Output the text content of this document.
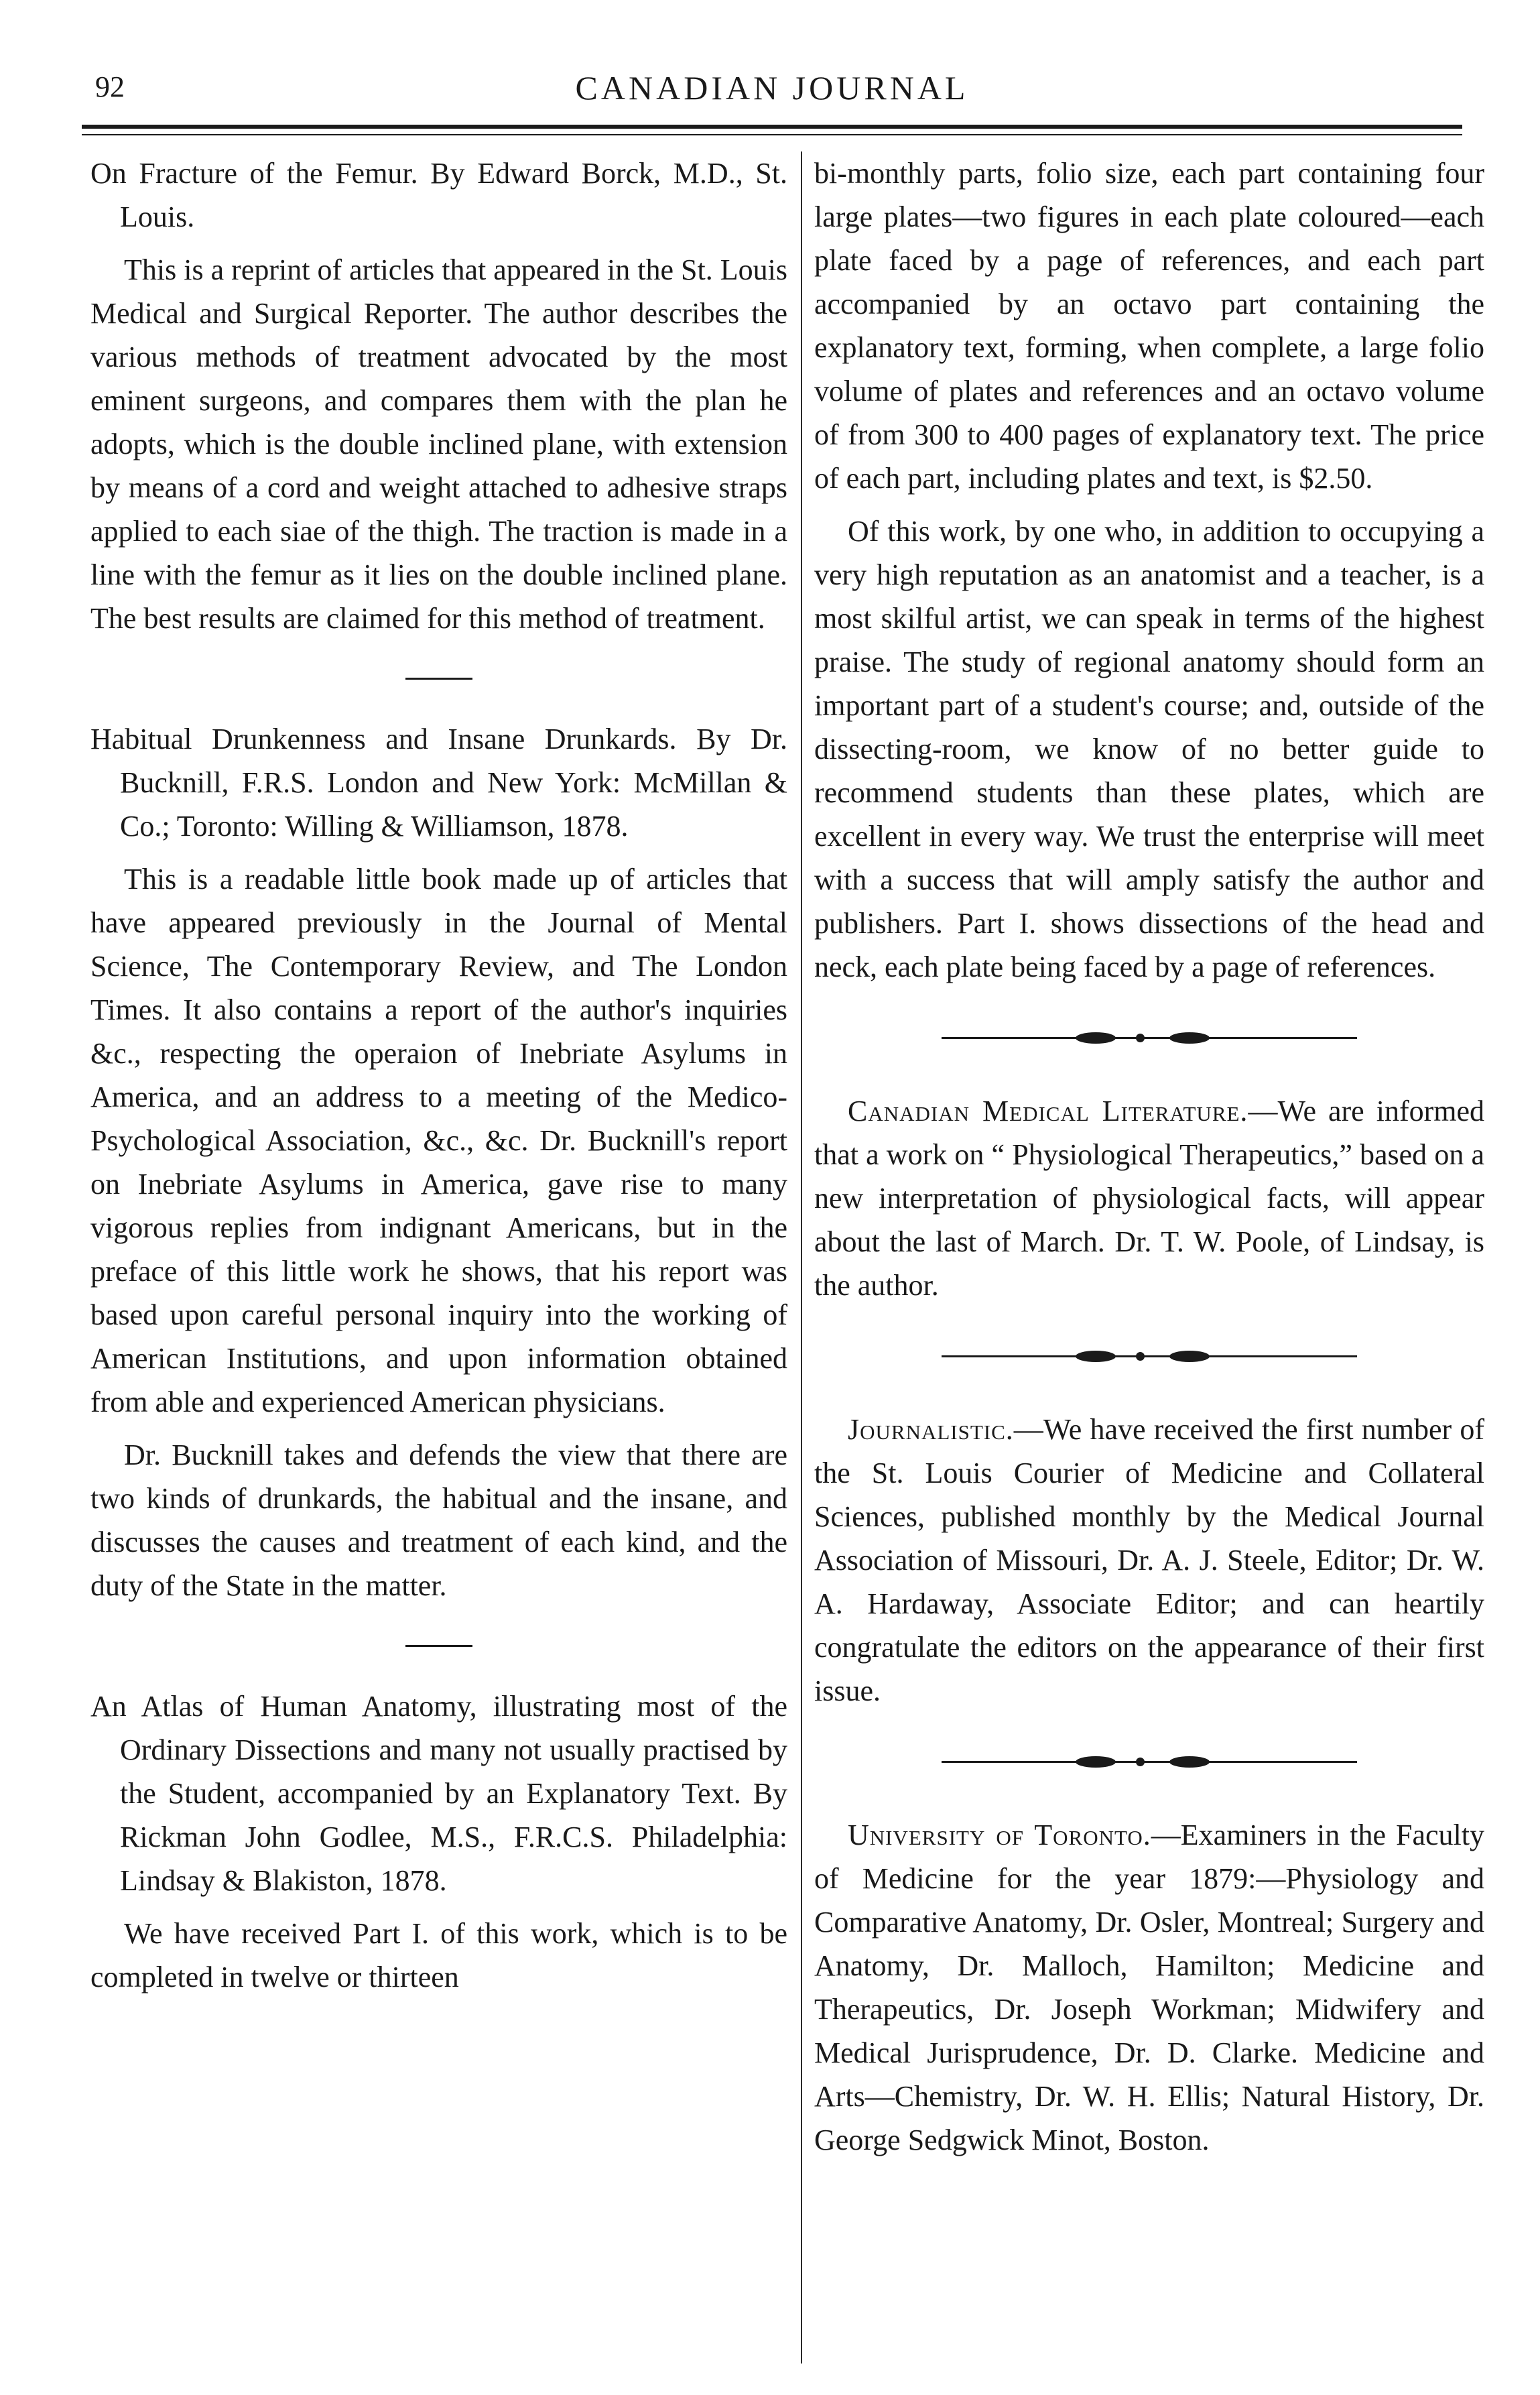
92	CANADIAN JOURNAL

On Fracture of the Femur. By Edward Borck, M.D., St. Louis.

This is a reprint of articles that appeared in the St. Louis Medical and Surgical Reporter. The author describes the various methods of treatment advocated by the most eminent surgeons, and compares them with the plan he adopts, which is the double inclined plane, with extension by means of a cord and weight attached to adhesive straps applied to each siae of the thigh. The traction is made in a line with the femur as it lies on the double inclined plane. The best results are claimed for this method of treatment.

Habitual Drunkenness and Insane Drunkards. By Dr. Bucknill, F.R.S. London and New York: McMillan & Co.; Toronto: Willing & Williamson, 1878.

This is a readable little book made up of articles that have appeared previously in the Journal of Mental Science, The Contemporary Review, and The London Times. It also contains a report of the author's inquiries &c., respecting the operaion of Inebriate Asylums in America, and an address to a meeting of the Medico-Psychological Association, &c., &c. Dr. Bucknill's report on Inebriate Asylums in America, gave rise to many vigorous replies from indignant Americans, but in the preface of this little work he shows, that his report was based upon careful personal inquiry into the working of American Institutions, and upon information obtained from able and experienced American physicians.

Dr. Bucknill takes and defends the view that there are two kinds of drunkards, the habitual and the insane, and discusses the causes and treatment of each kind, and the duty of the State in the matter.

An Atlas of Human Anatomy, illustrating most of the Ordinary Dissections and many not usually practised by the Student, accompanied by an Explanatory Text. By Rickman John Godlee, M.S., F.R.C.S. Philadelphia: Lindsay & Blakiston, 1878.

We have received Part I. of this work, which is to be completed in twelve or thirteen

bi-monthly parts, folio size, each part containing four large plates—two figures in each plate coloured—each plate faced by a page of references, and each part accompanied by an octavo part containing the explanatory text, forming, when complete, a large folio volume of plates and references and an octavo volume of from 300 to 400 pages of explanatory text. The price of each part, including plates and text, is $2.50.

Of this work, by one who, in addition to occupying a very high reputation as an anatomist and a teacher, is a most skilful artist, we can speak in terms of the highest praise. The study of regional anatomy should form an important part of a student's course; and, outside of the dissecting-room, we know of no better guide to recommend students than these plates, which are excellent in every way. We trust the enterprise will meet with a success that will amply satisfy the author and publishers. Part I. shows dissections of the head and neck, each plate being faced by a page of references.

Canadian Medical Literature.—We are informed that a work on “ Physiological Therapeutics,” based on a new interpretation of physiological facts, will appear about the last of March. Dr. T. W. Poole, of Lindsay, is the author.

Journalistic.—We have received the first number of the St. Louis Courier of Medicine and Collateral Sciences, published monthly by the Medical Journal Association of Missouri, Dr. A. J. Steele, Editor; Dr. W. A. Hardaway, Associate Editor; and can heartily congratulate the editors on the appearance of their first issue.

University of Toronto.—Examiners in the Faculty of Medicine for the year 1879:—Physiology and Comparative Anatomy, Dr. Osler, Montreal; Surgery and Anatomy, Dr. Malloch, Hamilton; Medicine and Therapeutics, Dr. Joseph Workman; Midwifery and Medical Jurisprudence, Dr. D. Clarke. Medicine and Arts—Chemistry, Dr. W. H. Ellis; Natural History, Dr. George Sedgwick Minot, Boston.
